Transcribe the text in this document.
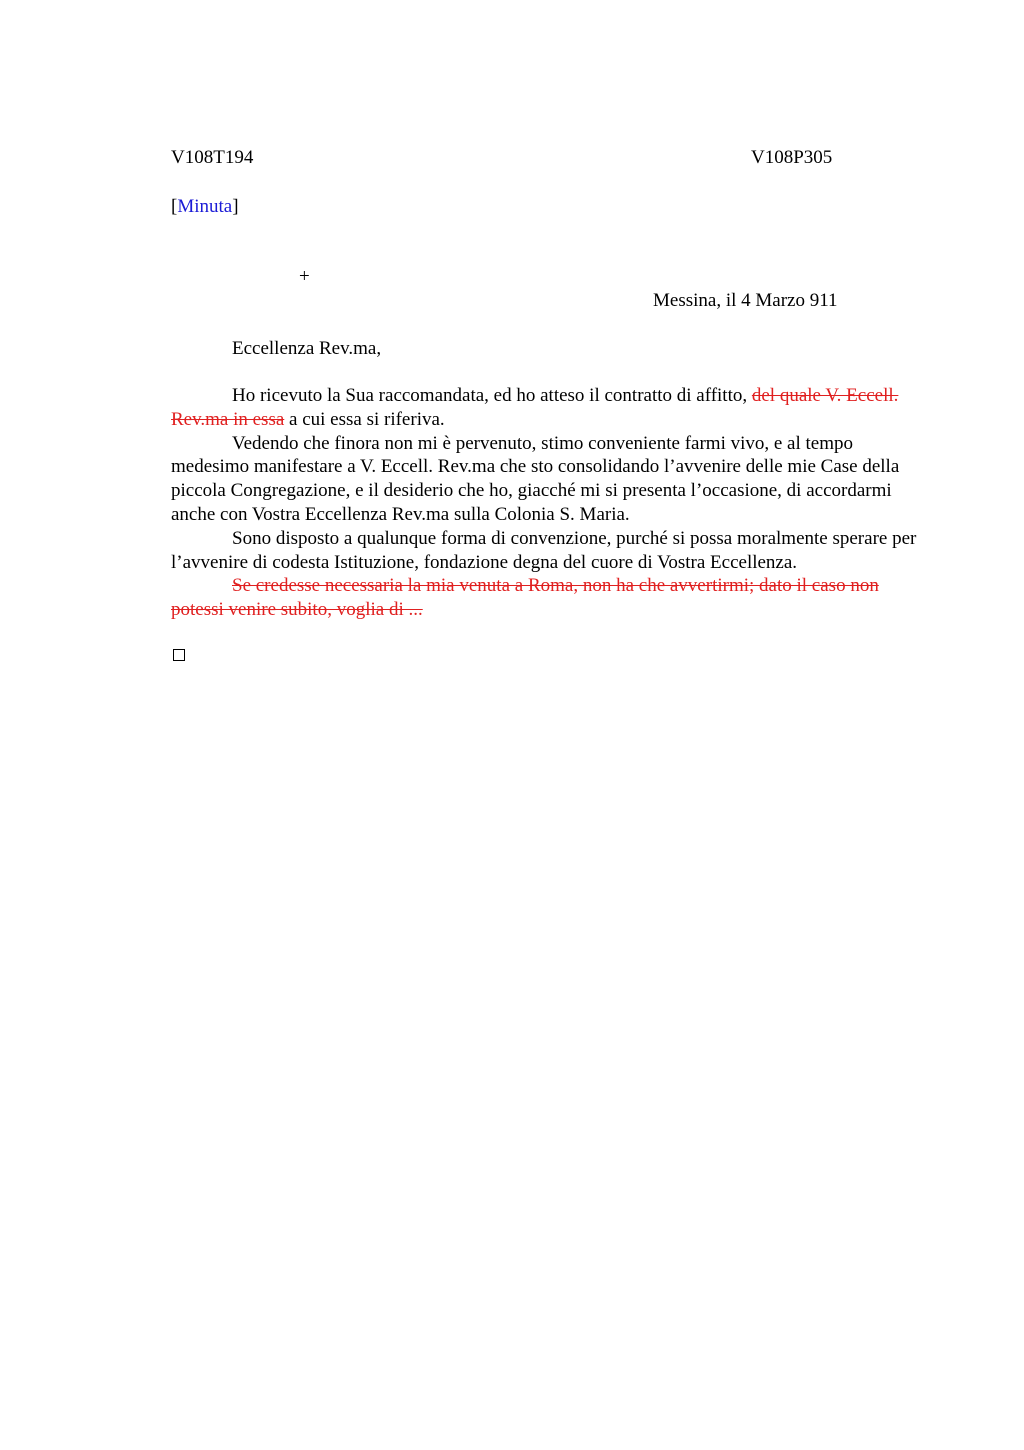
V108T194	V108P305
[Minuta]
+
Messina, il 4 Marzo 911
Eccellenza Rev.ma,

Ho ricevuto la Sua raccomandata, ed ho atteso il contratto di affitto, del quale V. Eccell. Rev.ma in essa a cui essa si riferiva.

Vedendo che finora non mi è pervenuto, stimo conveniente farmi vivo, e al tempo medesimo manifestare a V. Eccell. Rev.ma che sto consolidando l’avvenire delle mie Case della piccola Congregazione, e il desiderio che ho, giacché mi si presenta l’occasione, di accordarmi anche con Vostra Eccellenza Rev.ma sulla Colonia S. Maria.

Sono disposto a qualunque forma di convenzione, purché si possa moralmente sperare per l’avvenire di codesta Istituzione, fondazione degna del cuore di Vostra Eccellenza.

Se credesse necessaria la mia venuta a Roma, non ha che avvertirmi; dato il caso non potessi venire subito, voglia di ...
